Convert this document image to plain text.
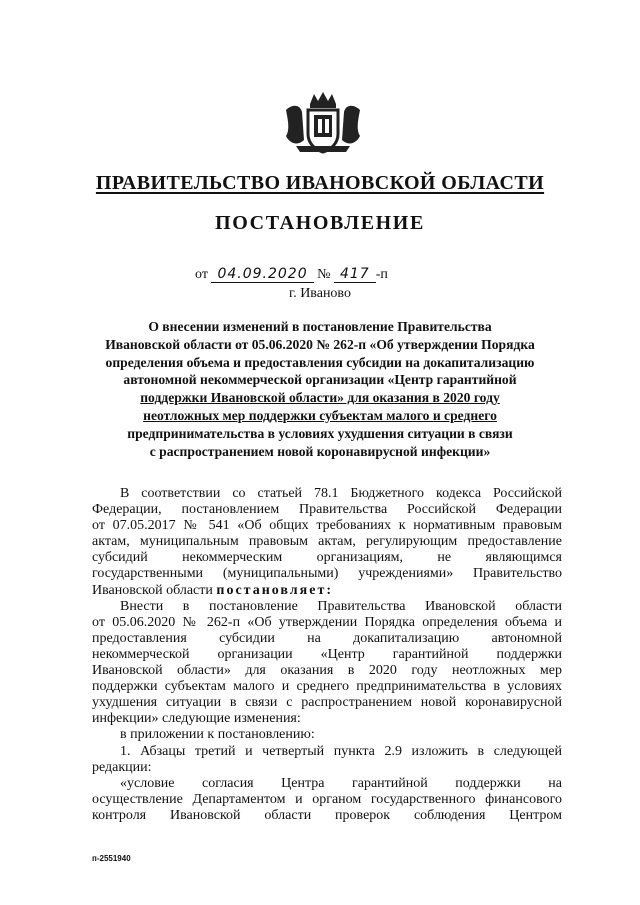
ПРАВИТЕЛЬСТВО ИВАНОВСКОЙ ОБЛАСТИ
ПОСТАНОВЛЕНИЕ
от 04.09.2020 № 417 -п
г. Иваново
О внесении изменений в постановление Правительства
Ивановской области от 05.06.2020 № 262-п «Об утверждении Порядка
определения объема и предоставления субсидии на докапитализацию
автономной некоммерческой организации «Центр гарантийной
поддержки Ивановской области» для оказания в 2020 году
неотложных мер поддержки субъектам малого и среднего
предпринимательства в условиях ухудшения ситуации в связи
с распространением новой коронавирусной инфекции»
В соответствии со статьей 78.1 Бюджетного кодекса Российской
Федерации, постановлением Правительства Российской Федерации
от 07.05.2017 № 541 «Об общих требованиях к нормативным правовым
актам, муниципальным правовым актам, регулирующим предоставление
субсидий некоммерческим организациям, не являющимся
государственными (муниципальными) учреждениями» Правительство
Ивановской области постановляет:
Внести в постановление Правительства Ивановской области
от 05.06.2020 № 262-п «Об утверждении Порядка определения объема и
предоставления субсидии на докапитализацию автономной
некоммерческой организации «Центр гарантийной поддержки
Ивановской области» для оказания в 2020 году неотложных мер
поддержки субъектам малого и среднего предпринимательства в условиях
ухудшения ситуации в связи с распространением новой коронавирусной
инфекции» следующие изменения:
в приложении к постановлению:
1. Абзацы третий и четвертый пункта 2.9 изложить в следующей
редакции:
«условие согласия Центра гарантийной поддержки на
осуществление Департаментом и органом государственного финансового
контроля Ивановской области проверок соблюдения Центром
п-2551940
